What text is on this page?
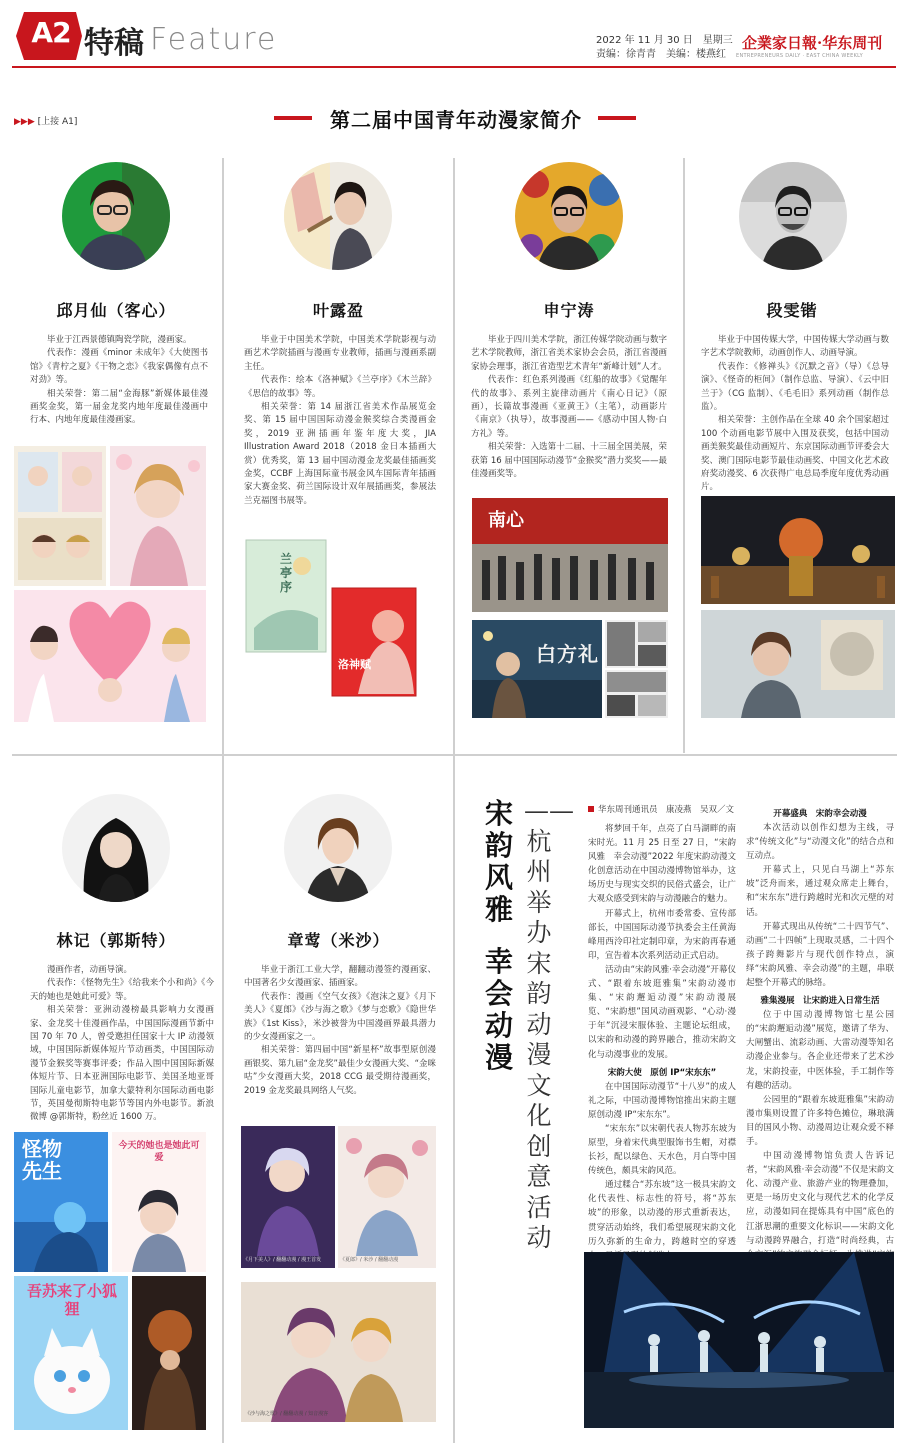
A2 特稿 Feature	2022 年 11 月 30 日　星期三
责编：徐青青　美编：楼燕红
企業家日報·华东周刊
ENTREPRENEURS DAILY · EAST CHINA WEEKLY
▶▶▶ [上接 A1]	第二届中国青年动漫家简介
邱月仙（客心）

毕业于江西景德镇陶瓷学院，漫画家。

代表作：漫画《minor 未成年》《大使图书馆》《青柠之夏》《干物之恋》《我家偶像有点不对劲》等。

相关荣誉：第二届“金海豚”新媒体最佳漫画奖金奖，第一届金龙奖内地年度最佳漫画中行本、内地年度最佳漫画家。

叶露盈

毕业于中国美术学院，中国美术学院影视与动画艺术学院插画与漫画专业教师，插画与漫画系副主任。

代表作：绘本《洛神赋》《兰亭序》《木兰辞》《思信的故事》等。

相关荣誉：第 14 届浙江省美术作品展览金奖、第 15 届中国国际动漫金猴奖综合类漫画金奖，2019 亚洲插画年鉴年度大奖，JIA Illustration Award 2018（2018 金日本插画大赏）优秀奖，第 13 届中国动漫金龙奖最佳插画奖金奖，CCBF 上海国际童书展金风车国际青年插画家大赛金奖、荷兰国际设计双年展插画奖，参展法兰克福图书展等。

兰亭序
洛神赋
申宁涛

毕业于四川美术学院，浙江传媒学院动画与数字艺术学院教师，浙江省美术家协会会员，浙江省漫画家协会理事，浙江省造型艺术青年“新峰计划”人才。

代表作：红色系列漫画《红船的故事》《觉醒年代的故事》、系列主旋律动画片《南心日记》（原画），长篇故事漫画《亚黄王》（主笔），动画影片《南京》（执导），故事漫画——《感动中国人物·白方礼》等。

相关荣誉：入选第十二届、十三届全国美展，荣获第 16 届中国国际动漫节“金猴奖”潜力奖奖——最佳漫画奖等。

南心
白方礼
段雯锴

毕业于中国传媒大学，中国传媒大学动画与数字艺术学院教师，动画创作人、动画导演。

代表作：《修禅头》《沉默之音》（导）《总导演》、《怪奇的柜间》（制作总监、导演）、《云中旧兰于》（CG 监制）、《毛毛旧》系列动画（制作总监）。

相关荣誉：主创作品在全球 40 余个国家超过 100 个动画电影节展中入围及获奖，包括中国动画美猴奖最佳动画短片、东京国际动画节评委会大奖、澳门国际电影节最佳动画奖、中国文化艺术政府奖动漫奖、6 次获得广电总局季度年度优秀动画片。

林记（郭斯特）

漫画作者，动画导演。

代表作：《怪物先生》《给我来个小和尚》《今天的她也是她此可爱》等。

相关荣誉：亚洲动漫榜最具影响力女漫画家、金龙奖十佳漫画作品，中国国际漫画节新中国 70 年 70 人，曾受邀担任国家十大 IP 动漫领域，中国国际新媒体短片节动画类，中国国际动漫节金猴奖等赛事评委；作品入围中国国际新媒体短片节、日本亚洲国际电影节、美国圣地亚哥国际儿童电影节，加拿大蒙特利尔国际动画电影节，英国曼彻斯特电影节等国内外电影节。新浪微博 @郭斯特，粉丝近 1600 万。

怪物先生
今天的她也是她此可爱
吾苏来了小狐狸
章莺（米沙）

毕业于浙江工业大学，翻翻动漫签约漫画家、中国著名少女漫画家、插画家。

代表作：漫画《空气女孩》《泡沫之夏》《月下美人》《夏郎》《沙与海之歌》《梦与恋歌》《隐世华族》《1st Kiss》，米沙被誉为中国漫画界最具潜力的少女漫画家之一。

相关荣誉：第四届中国“新星杯”故事型原创漫画银奖、第九届“金龙奖”最佳少女漫画大奖、“金咪咕”少女漫画大奖，2018 CCG 最受期待漫画奖，2019 金龙奖最具网络人气奖。

《月下美人》/ 翻翻动漫 / 漫王首发	《夏郎》/ 米沙 / 翻翻动漫
《沙与海之歌》/ 翻翻动漫 / 知音漫客
宋韵风雅
幸会动漫
——杭州举办宋韵动漫文化创意活动
华东周刊通讯员　康凌燕　吴双／文

将梦回千年，点亮了白马湖畔的南宋时光。11 月 25 日至 27 日，“宋韵风雅　幸会动漫”2022 年度宋韵动漫文化创意活动在中国动漫博物馆举办，这场历史与现实交织的民俗式盛会，让广大观众感受到宋韵与动漫融合的魅力。

开幕式上，杭州市委常委、宣传部部长，中国国际动漫节执委会主任黄海峰用西泠印社定制印章，为宋韵再春通印，宣告着本次系列活动正式启动。

活动由“宋韵风雅·幸会动漫”开幕仪式、“跟着东坡逛雅集”宋韵动漫市集、“宋韵邂逅动漫”宋韵动漫展览、“宋韵想”国风动画观影、“心动·漫于年”沉浸宋服体验、主题论坛组成，以宋韵和动漫的跨界融合，推动宋韵文化与动漫事业的发展。

宋韵大使　原创 IP“宋东东”

在中国国际动漫节“十八岁”的成人礼之际，中国动漫博物馆推出宋韵主题原创动漫 IP“宋东东”。

“宋东东”以宋朝代表人物苏东坡为原型，身着宋代典型服饰书生帽，对襟长衫，配以绿色、天水色，月白等中国传统色，颇具宋韵风范。

通过糅合“苏东坡”这一极具宋韵文化代表性、标志性的符号，将“苏东坡”的形象，以动漫的形式重新表达，贯穿活动始终，我们希望展现宋韵文化历久弥新的生命力，跨越时空的穿透

开幕盛典　宋韵幸会动漫

本次活动以创作幻想为主线，寻求“传统文化”与“动漫文化”的结合点和互动点。

开幕式上，只见白马湖上“苏东坡”泛舟而来，通过观众席走上舞台，和“宋东东”进行跨越时光和次元壁的对话。

开幕式现出从传统“二十四节气”、动画“二十四帧”上现取灵感，二十四个孩子跨舞影片与现代创作特点，演绎“宋韵风雅、幸会动漫”的主题，串联起整个开幕式的脉络。

雅集漫展　让宋韵进入日常生活

位于中国动漫博物馆七星公园的“宋韵邂逅动漫”展览，邀请了华为、大闸蟹出、流彩动画、大雷动漫等知名动漫企业参与。各企业还带来了艺术沙龙，宋韵投壶，中医体验，手工制作等有趣的活动。

公园里的“跟着东坡逛雅集”宋韵动漫市集则设置了许多特色摊位，琳琅满目的国风小物、动漫周边让观众爱不释手。

中国动漫博物馆负责人告诉记者，“宋韵风雅·幸会动漫”不仅是宋韵文化、动漫产业、旅游产业的物理叠加，更是一场历史文化与现代艺术的化学反应，动漫如同在提炼具有中国”底色的江浙思潮的重要文化标识——宋韵文化与动漫跨界融合，打造“时尚经典，古　
